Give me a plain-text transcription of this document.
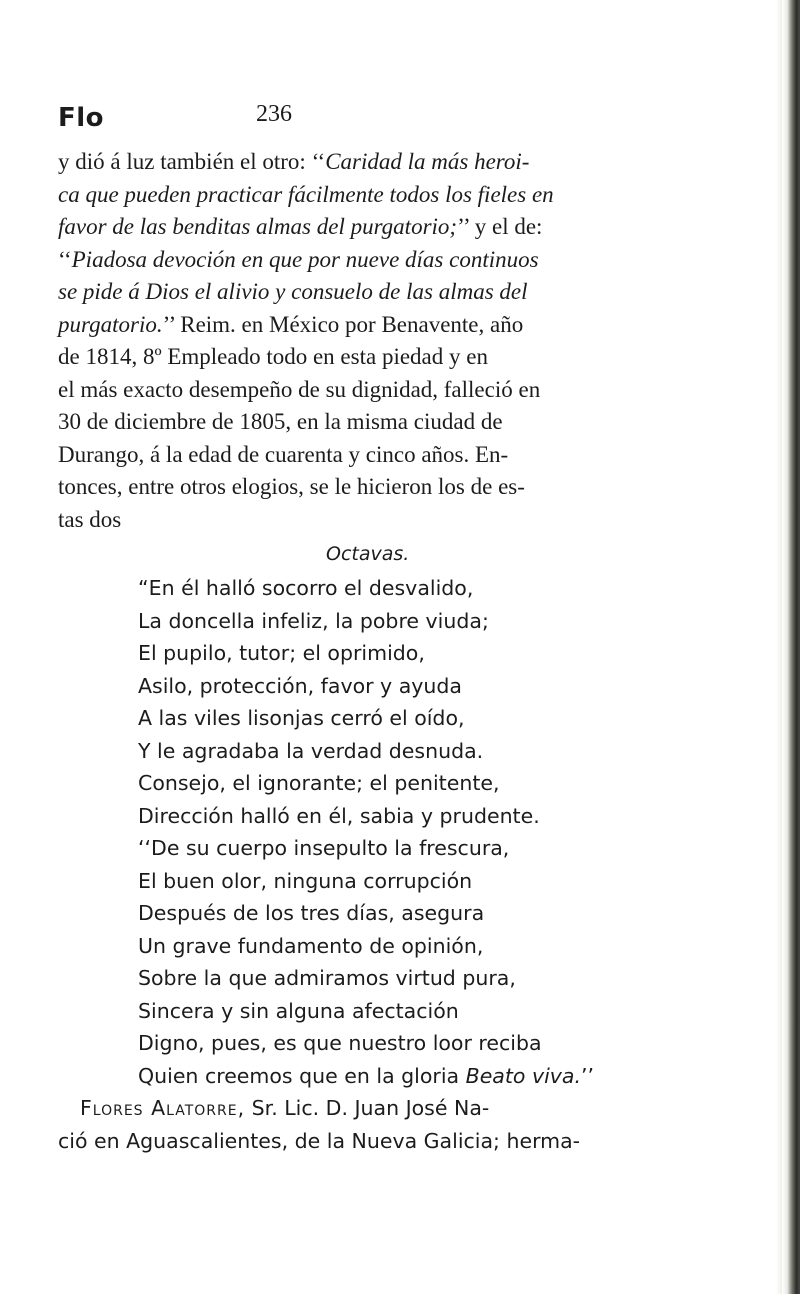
Flo	236

y dió á luz también el otro: ‘‘Caridad la más heroi-
ca que pueden practicar fácilmente todos los fieles en
favor de las benditas almas del purgatorio;’’ y el de:
‘‘Piadosa devoción en que por nueve días continuos
se pide á Dios el alivio y consuelo de las almas del
purgatorio.’’ Reim. en México por Benavente, año
de 1814, 8º Empleado todo en esta piedad y en
el más exacto desempeño de su dignidad, falleció en
30 de diciembre de 1805, en la misma ciudad de
Durango, á la edad de cuarenta y cinco años. En-
tonces, entre otros elogios, se le hicieron los de es-
tas dos

Octavas.
“En él halló socorro el desvalido,
La doncella infeliz, la pobre viuda;
El pupilo, tutor; el oprimido,
Asilo, protección, favor y ayuda
A las viles lisonjas cerró el oído,
Y le agradaba la verdad desnuda.
Consejo, el ignorante; el penitente,
Dirección halló en él, sabia y prudente.
‘‘De su cuerpo insepulto la frescura,
El buen olor, ninguna corrupción
Después de los tres días, asegura
Un grave fundamento de opinión,
Sobre la que admiramos virtud pura,
Sincera y sin alguna afectación
Digno, pues, es que nuestro loor reciba
Quien creemos que en la gloria Beato viva.’’
Flores Alatorre, Sr. Lic. D. Juan José Na-
ció en Aguascalientes, de la Nueva Galicia; herma-
